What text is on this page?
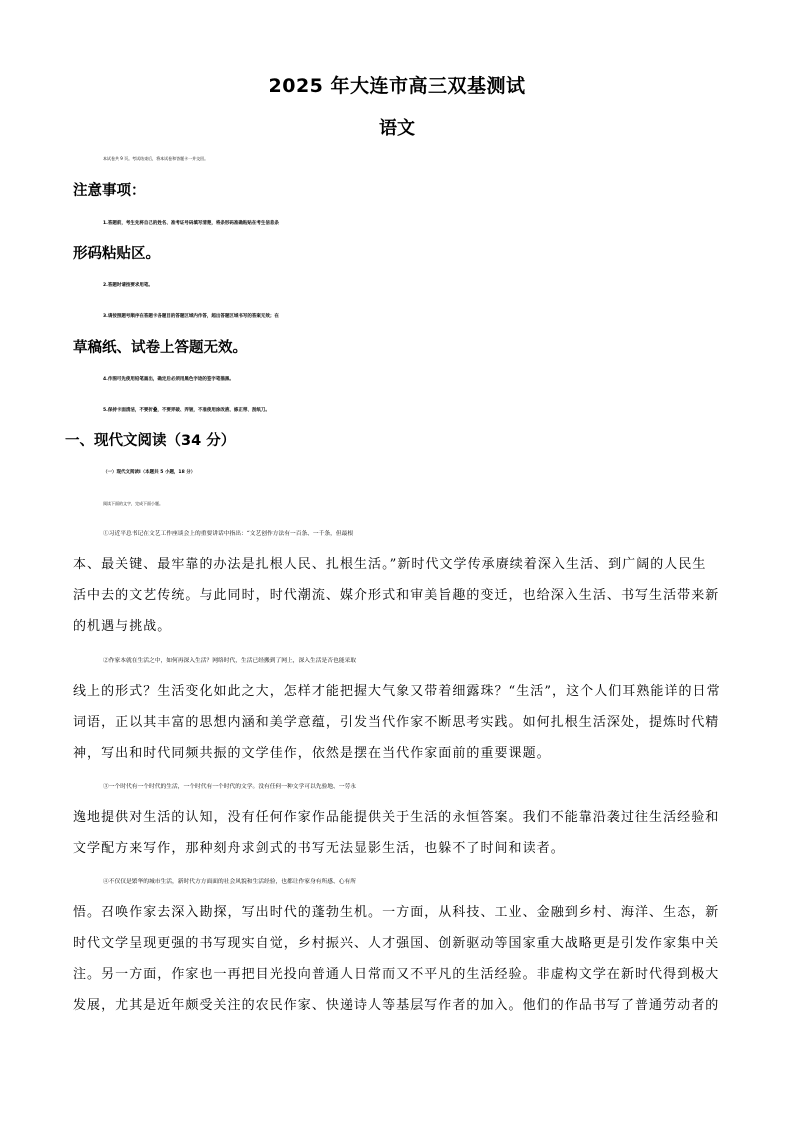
2025 年大连市高三双基测试
语文
本试卷共 9 页。考试结束后，将本试卷和答题卡一并交回。
注意事项：
1.答题前，考生先将自己的姓名、准考证号码填写清楚，将条形码准确粘贴在考生信息条
形码粘贴区。
2.答题时请按要求用笔。
3.请按照题号顺序在答题卡各题目的答题区域内作答，超出答题区域书写的答案无效；在
草稿纸、试卷上答题无效。
4.作图可先使用铅笔画出，确定后必须用黑色字迹的签字笔描黑。
5.保持卡面清洁，不要折叠，不要弄破、弄皱，不准使用涂改液、修正带、刮纸刀。
一、现代文阅读（34 分）
（一）现代文阅读Ⅰ（本题共 5 小题，18 分）
阅读下面的文字，完成下面小题。
①习近平总书记在文艺工作座谈会上的重要讲话中指出：“文艺创作方法有一百条、一千条，但最根
本、最关键、最牢靠的办法是扎根人民、扎根生活。”新时代文学传承赓续着深入生活、到广阔的人民生
活中去的文艺传统。与此同时，时代潮流、媒介形式和审美旨趣的变迁，也给深入生活、书写生活带来新
的机遇与挑战。
②作家本就在生活之中，如何再深入生活？网络时代，生活已经搬到了网上，深入生活是否也能采取
线上的形式？生活变化如此之大，怎样才能把握大气象又带着细露珠？“生活”，这个人们耳熟能详的日常
词语，正以其丰富的思想内涵和美学意蕴，引发当代作家不断思考实践。如何扎根生活深处，提炼时代精
神，写出和时代同频共振的文学佳作，依然是摆在当代作家面前的重要课题。
③一个时代有一个时代的生活，一个时代有一个时代的文学。没有任何一种文学可以先验地、一劳永
逸地提供对生活的认知，没有任何作家作品能提供关于生活的永恒答案。我们不能靠沿袭过往生活经验和
文学配方来写作，那种刻舟求剑式的书写无法显影生活，也躲不了时间和读者。
④不仅仅是繁华的城市生活，新时代方方面面的社会风貌和生活经验，也都让作家身有所感、心有所
悟。召唤作家去深入勘探，写出时代的蓬勃生机。一方面，从科技、工业、金融到乡村、海洋、生态，新
时代文学呈现更强的书写现实自觉，乡村振兴、人才强国、创新驱动等国家重大战略更是引发作家集中关
注。另一方面，作家也一再把目光投向普通人日常而又不平凡的生活经验。非虚构文学在新时代得到极大
发展，尤其是近年颇受关注的农民作家、快递诗人等基层写作者的加入。他们的作品书写了普通劳动者的
